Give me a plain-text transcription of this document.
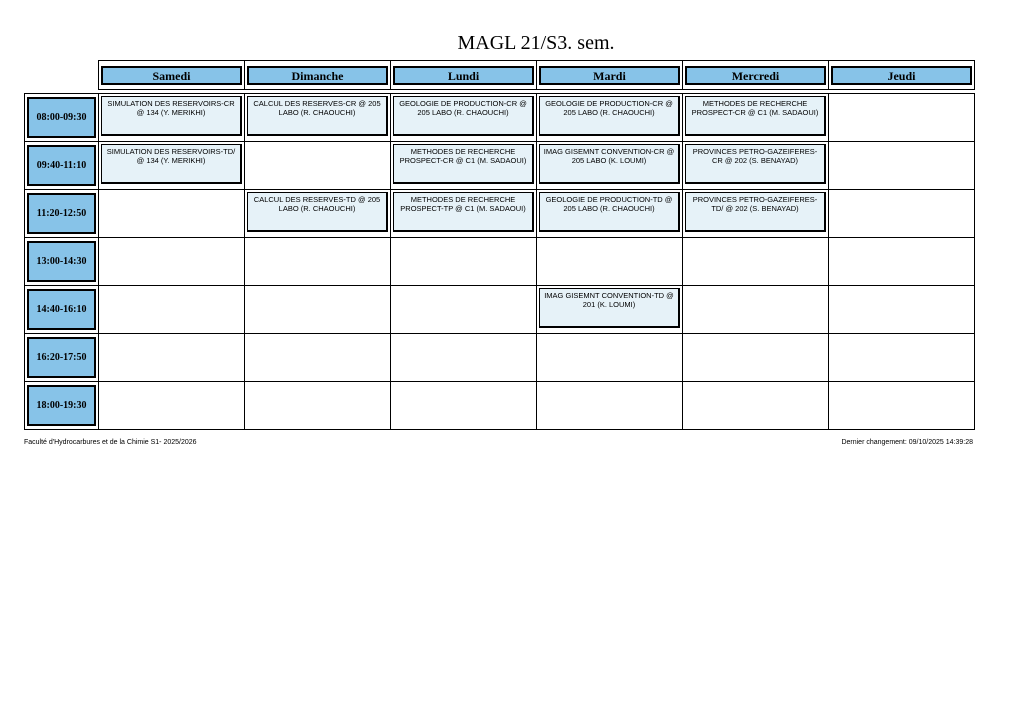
MAGL 21/S3. sem.

	Samedi	Dimanche	Lundi	Mardi	Mercredi	Jeudi

08:00-09:30	SIMULATION DES RESERVOIRS-CR @ 134 (Y. MERIKHI)	CALCUL DES RESERVES-CR @ 205 LABO (R. CHAOUCHI)	GEOLOGIE DE PRODUCTION-CR @ 205 LABO (R. CHAOUCHI)	GEOLOGIE DE PRODUCTION-CR @ 205 LABO (R. CHAOUCHI)	METHODES DE RECHERCHE PROSPECT-CR @ C1 (M. SADAOUI)	

09:40-11:10	SIMULATION DES RESERVOIRS-TD/ @ 134 (Y. MERIKHI)		METHODES DE RECHERCHE PROSPECT-CR @ C1 (M. SADAOUI)	IMAG GISEMNT CONVENTION-CR @ 205 LABO (K. LOUMI)	PROVINCES PETRO-GAZEIFERES-CR @ 202 (S. BENAYAD)	

11:20-12:50		CALCUL DES RESERVES-TD @ 205 LABO (R. CHAOUCHI)	METHODES DE RECHERCHE PROSPECT-TP @ C1 (M. SADAOUI)	GEOLOGIE DE PRODUCTION-TD @ 205 LABO (R. CHAOUCHI)	PROVINCES PETRO-GAZEIFERES-TD/ @ 202 (S. BENAYAD)	

13:00-14:30						

14:40-16:10				IMAG GISEMNT CONVENTION-TD @ 201 (K. LOUMI)		

16:20-17:50						

18:00-19:30						

Faculté d'Hydrocarbures et de la Chimie S1- 2025/2026	Dernier changement: 09/10/2025 14:39:28
